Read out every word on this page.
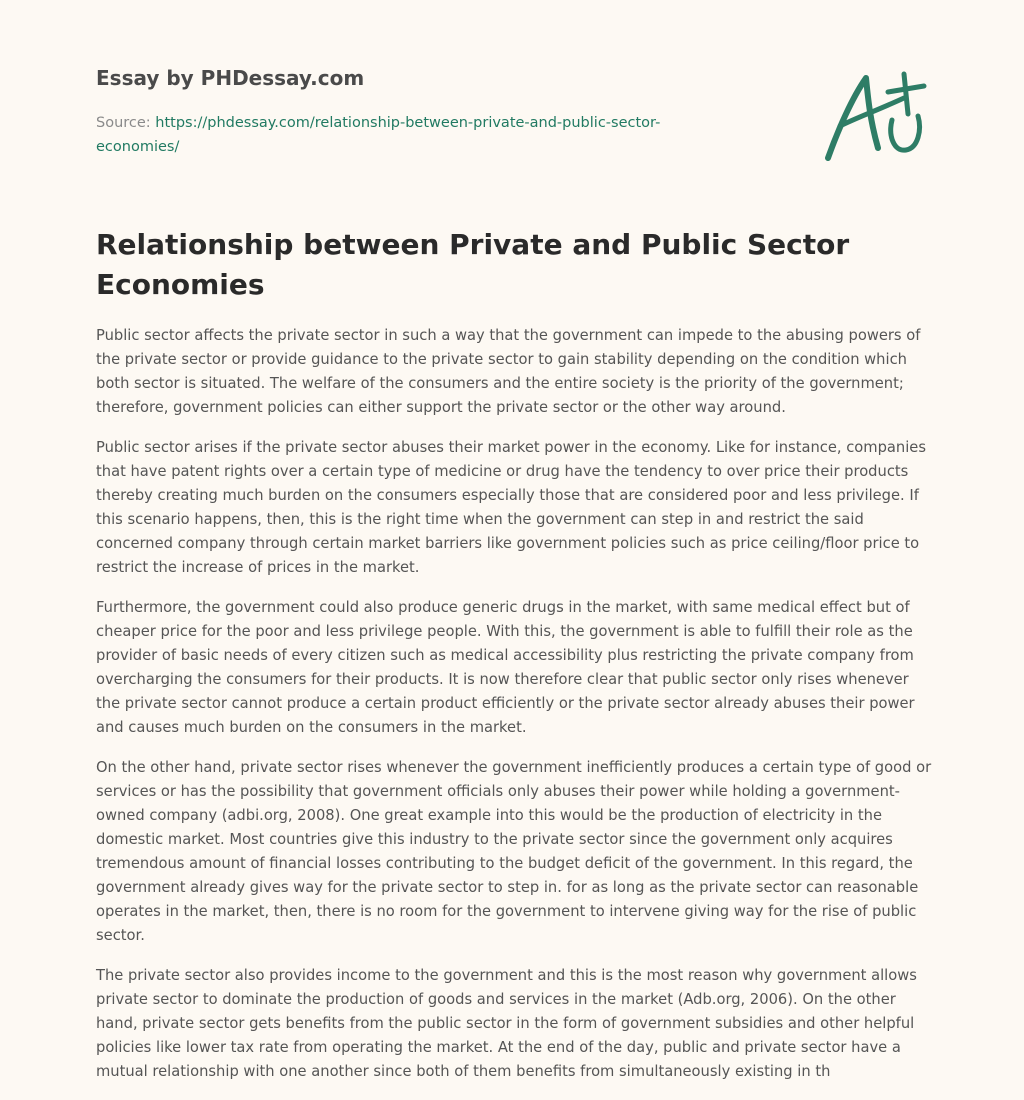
Essay by PHDessay.com

Source: https://phdessay.com/relationship-between-private-and-public-sector-economies/

Relationship between Private and Public Sector Economies

Public sector affects the private sector in such a way that the government can impede to the abusing powers of the private sector or provide guidance to the private sector to gain stability depending on the condition which both sector is situated. The welfare of the consumers and the entire society is the priority of the government; therefore, government policies can either support the private sector or the other way around.

Public sector arises if the private sector abuses their market power in the economy. Like for instance, companies that have patent rights over a certain type of medicine or drug have the tendency to over price their products thereby creating much burden on the consumers especially those that are considered poor and less privilege. If this scenario happens, then, this is the right time when the government can step in and restrict the said concerned company through certain market barriers like government policies such as price ceiling/floor price to restrict the increase of prices in the market.

Furthermore, the government could also produce generic drugs in the market, with same medical effect but of cheaper price for the poor and less privilege people. With this, the government is able to fulfill their role as the provider of basic needs of every citizen such as medical accessibility plus restricting the private company from overcharging the consumers for their products. It is now therefore clear that public sector only rises whenever the private sector cannot produce a certain product efficiently or the private sector already abuses their power and causes much burden on the consumers in the market.

On the other hand, private sector rises whenever the government inefficiently produces a certain type of good or services or has the possibility that government officials only abuses their power while holding a government-owned company (adbi.org, 2008). One great example into this would be the production of electricity in the domestic market. Most countries give this industry to the private sector since the government only acquires tremendous amount of financial losses contributing to the budget deficit of the government. In this regard, the government already gives way for the private sector to step in. for as long as the private sector can reasonable operates in the market, then, there is no room for the government to intervene giving way for the rise of public sector.

The private sector also provides income to the government and this is the most reason why government allows private sector to dominate the production of goods and services in the market (Adb.org, 2006). On the other hand, private sector gets benefits from the public sector in the form of government subsidies and other helpful policies like lower tax rate from operating the market. At the end of the day, public and private sector have a mutual relationship with one another since both of them benefits from simultaneously existing in th
